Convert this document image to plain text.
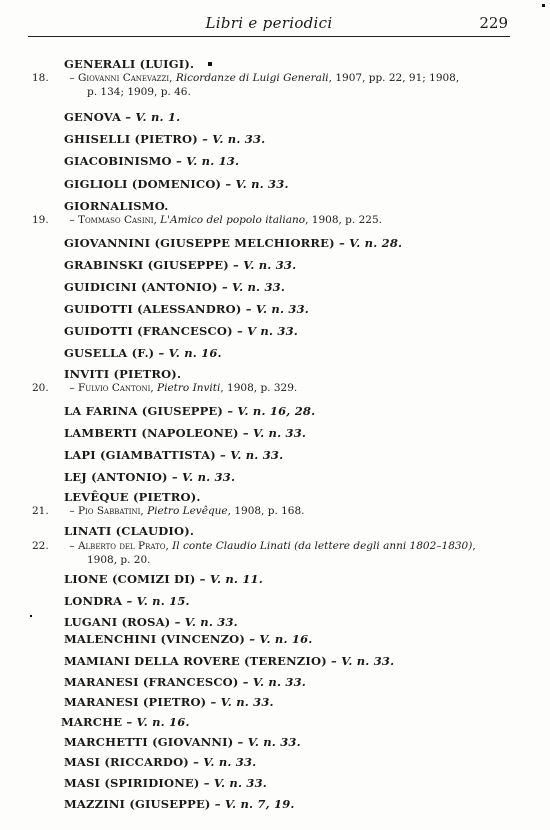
Libri e periodici	229
GENERALI (LUIGI).
18. – Giovanni Canevazzi, Ricordanze di Luigi Generali, 1907, pp. 22, 91; 1908,
p. 134; 1909, p. 46.
GENOVA – V. n. 1.
GHISELLI (PIETRO) – V. n. 33.
GIACOBINISMO – V. n. 13.
GIGLIOLI (DOMENICO) – V. n. 33.
GIORNALISMO.
19. – Tommaso Casini, L'Amico del popolo italiano, 1908, p. 225.
GIOVANNINI (GIUSEPPE MELCHIORRE) – V. n. 28.
GRABINSKI (GIUSEPPE) – V. n. 33.
GUIDICINI (ANTONIO) – V. n. 33.
GUIDOTTI (ALESSANDRO) – V. n. 33.
GUIDOTTI (FRANCESCO) – V n. 33.
GUSELLA (F.) – V. n. 16.
INVITI (PIETRO).
20. – Fulvio Cantoni, Pietro Inviti, 1908, p. 329.
LA FARINA (GIUSEPPE) – V. n. 16, 28.
LAMBERTI (NAPOLEONE) – V. n. 33.
LAPI (GIAMBATTISTA) – V. n. 33.
LEJ (ANTONIO) – V. n. 33.
LEVÊQUE (PIETRO).
21. – Pio Sabbatini, Pietro Levêque, 1908, p. 168.
LINATI (CLAUDIO).
22. – Alberto del Prato, Il conte Claudio Linati (da lettere degli anni 1802–1830),
1908, p. 20.
LIONE (COMIZI DI) – V. n. 11.
LONDRA – V. n. 15.
LUGANI (ROSA) – V. n. 33.
MALENCHINI (VINCENZO) – V. n. 16.
MAMIANI DELLA ROVERE (TERENZIO) – V. n. 33.
MARANESI (FRANCESCO) – V. n. 33.
MARANESI (PIETRO) – V. n. 33.
MARCHE – V. n. 16.
MARCHETTI (GIOVANNI) – V. n. 33.
MASI (RICCARDO) – V. n. 33.
MASI (SPIRIDIONE) – V. n. 33.
MAZZINI (GIUSEPPE) – V. n. 7, 19.
